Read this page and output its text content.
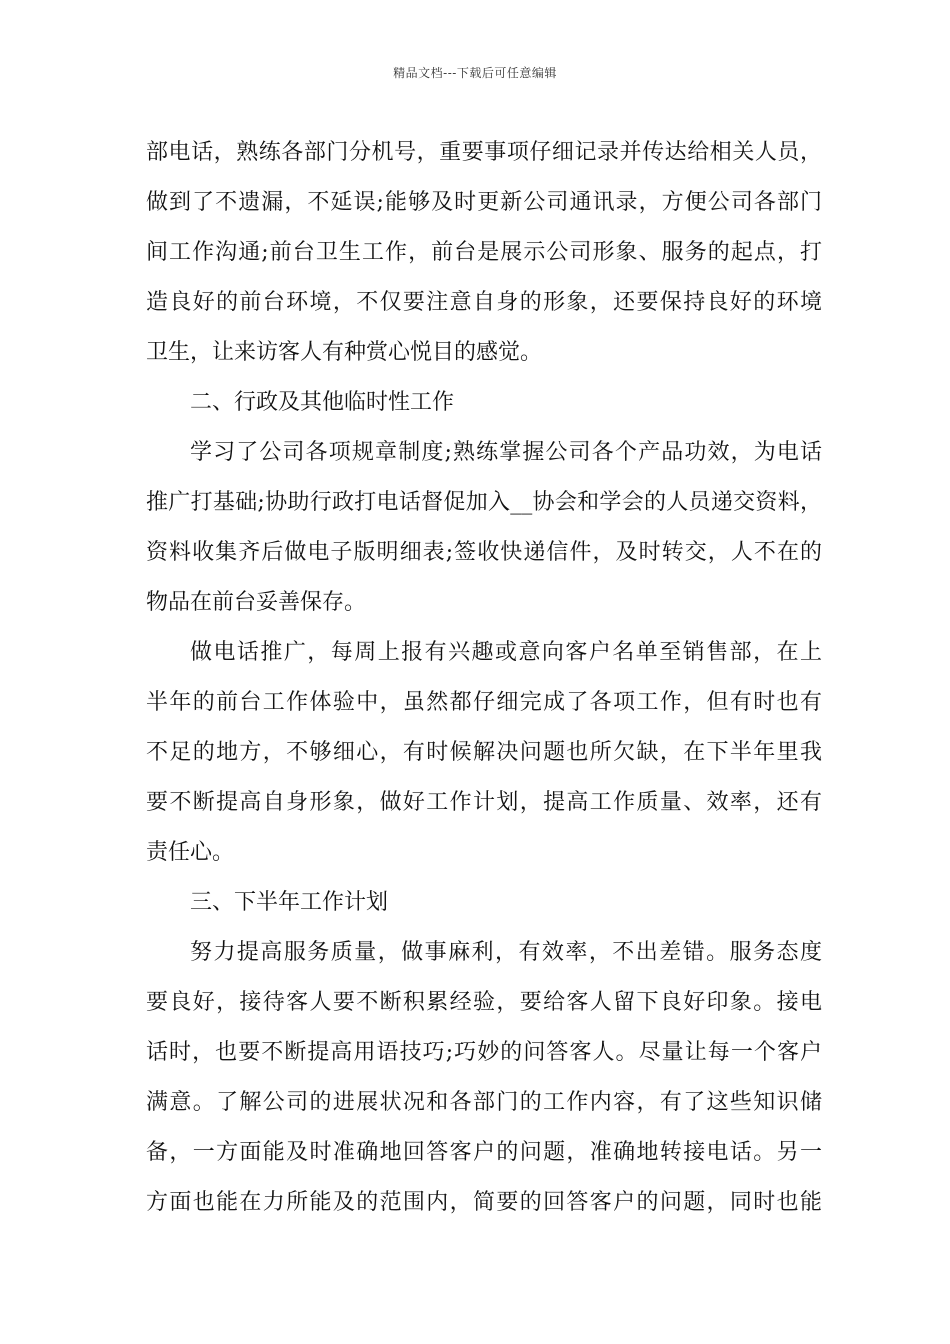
精品文档---下载后可任意编辑
部电话，熟练各部门分机号，重要事项仔细记录并传达给相关人员，
做到了不遗漏，不延误;能够及时更新公司通讯录，方便公司各部门
间工作沟通;前台卫生工作，前台是展示公司形象、服务的起点，打
造良好的前台环境，不仅要注意自身的形象，还要保持良好的环境
卫生，让来访客人有种赏心悦目的感觉。
二、行政及其他临时性工作
学习了公司各项规章制度;熟练掌握公司各个产品功效，为电话
推广打基础;协助行政打电话督促加入__协会和学会的人员递交资料，
资料收集齐后做电子版明细表;签收快递信件，及时转交，人不在的
物品在前台妥善保存。
做电话推广，每周上报有兴趣或意向客户名单至销售部，在上
半年的前台工作体验中，虽然都仔细完成了各项工作，但有时也有
不足的地方，不够细心，有时候解决问题也所欠缺，在下半年里我
要不断提高自身形象，做好工作计划，提高工作质量、效率，还有
责任心。
三、下半年工作计划
努力提高服务质量，做事麻利，有效率，不出差错。服务态度
要良好，接待客人要不断积累经验，要给客人留下良好印象。接电
话时，也要不断提高用语技巧;巧妙的问答客人。尽量让每一个客户
满意。了解公司的进展状况和各部门的工作内容，有了这些知识储
备，一方面能及时准确地回答客户的问题，准确地转接电话。另一
方面也能在力所能及的范围内，简要的回答客户的问题，同时也能
